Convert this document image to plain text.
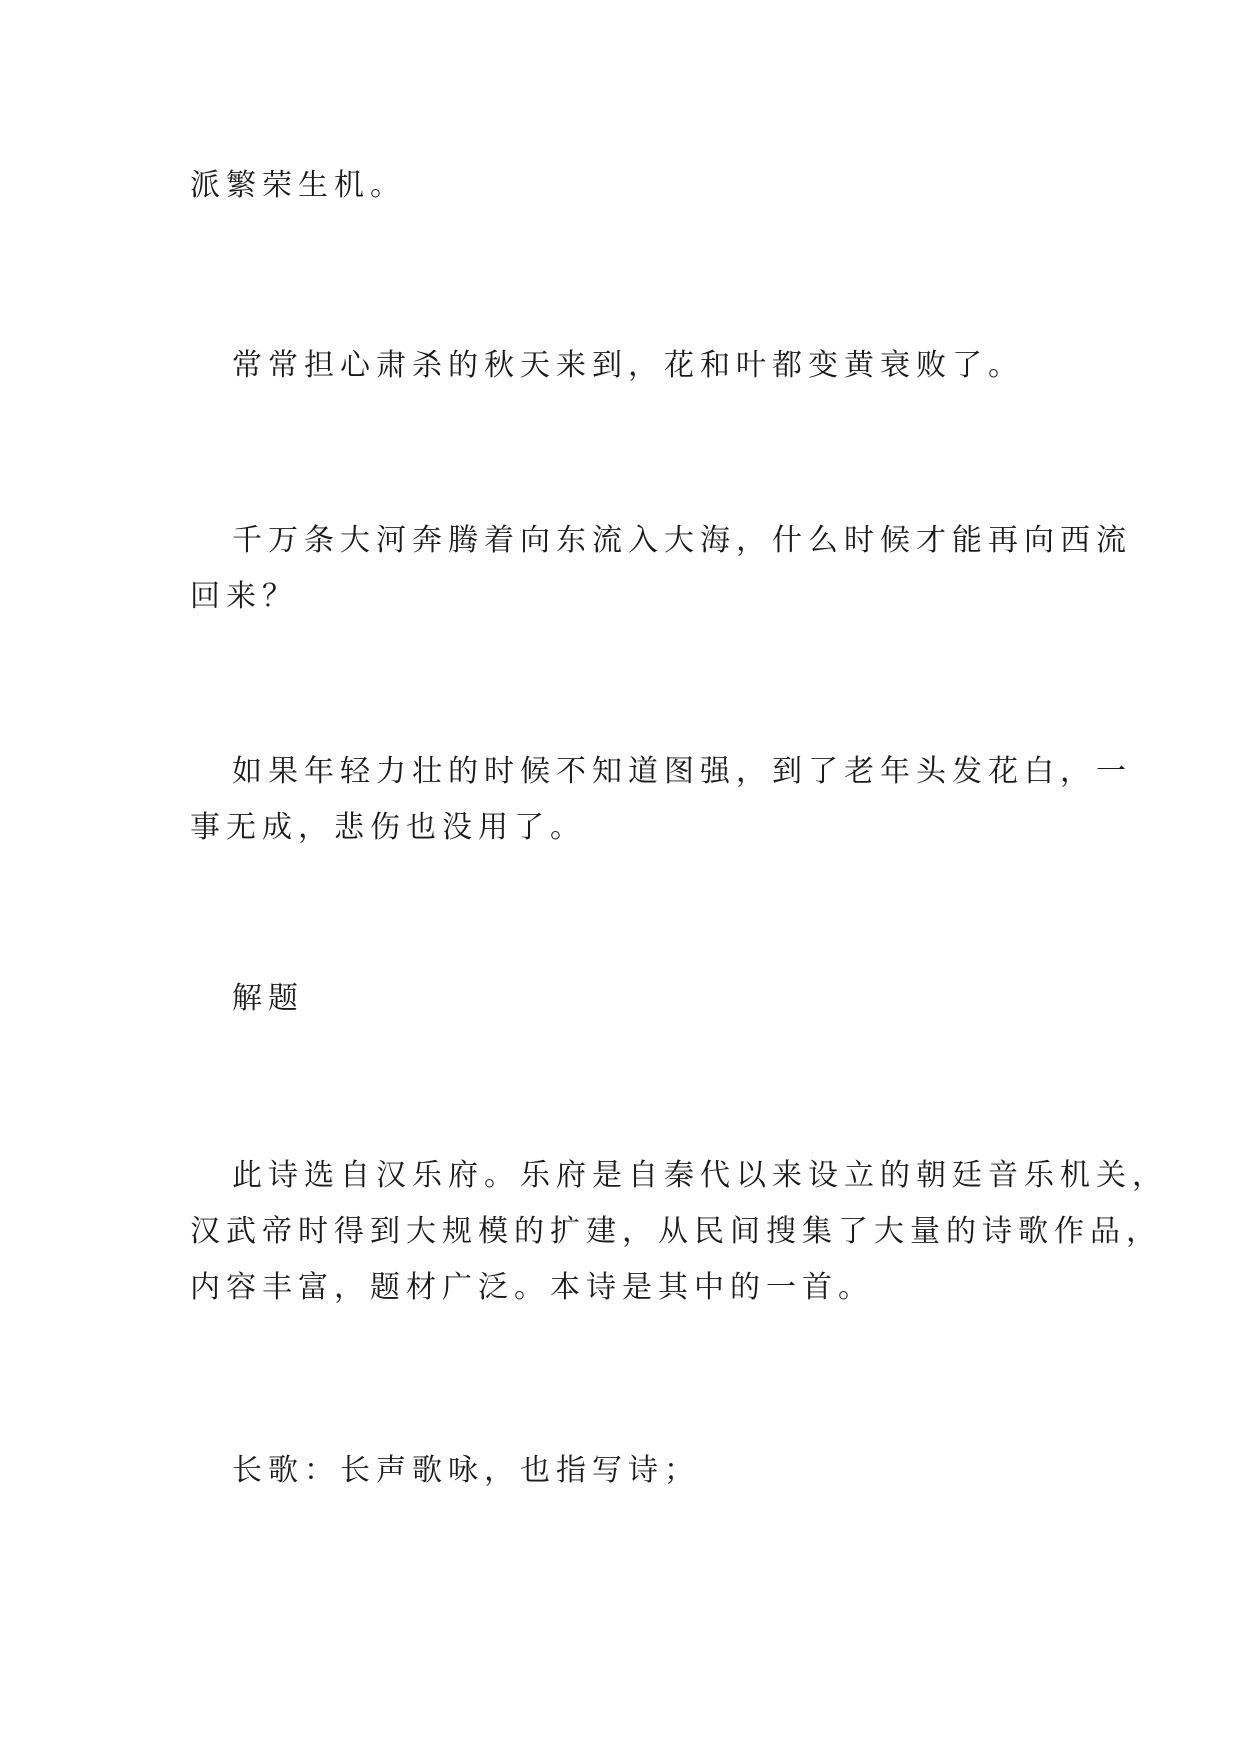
派繁荣生机。

常常担心肃杀的秋天来到，花和叶都变黄衰败了。

千万条大河奔腾着向东流入大海，什么时候才能再向西流
回来？

如果年轻力壮的时候不知道图强，到了老年头发花白，一
事无成，悲伤也没用了。

解题

此诗选自汉乐府。乐府是自秦代以来设立的朝廷音乐机关，
汉武帝时得到大规模的扩建，从民间搜集了大量的诗歌作品，
内容丰富，题材广泛。本诗是其中的一首。

长歌：长声歌咏，也指写诗；
